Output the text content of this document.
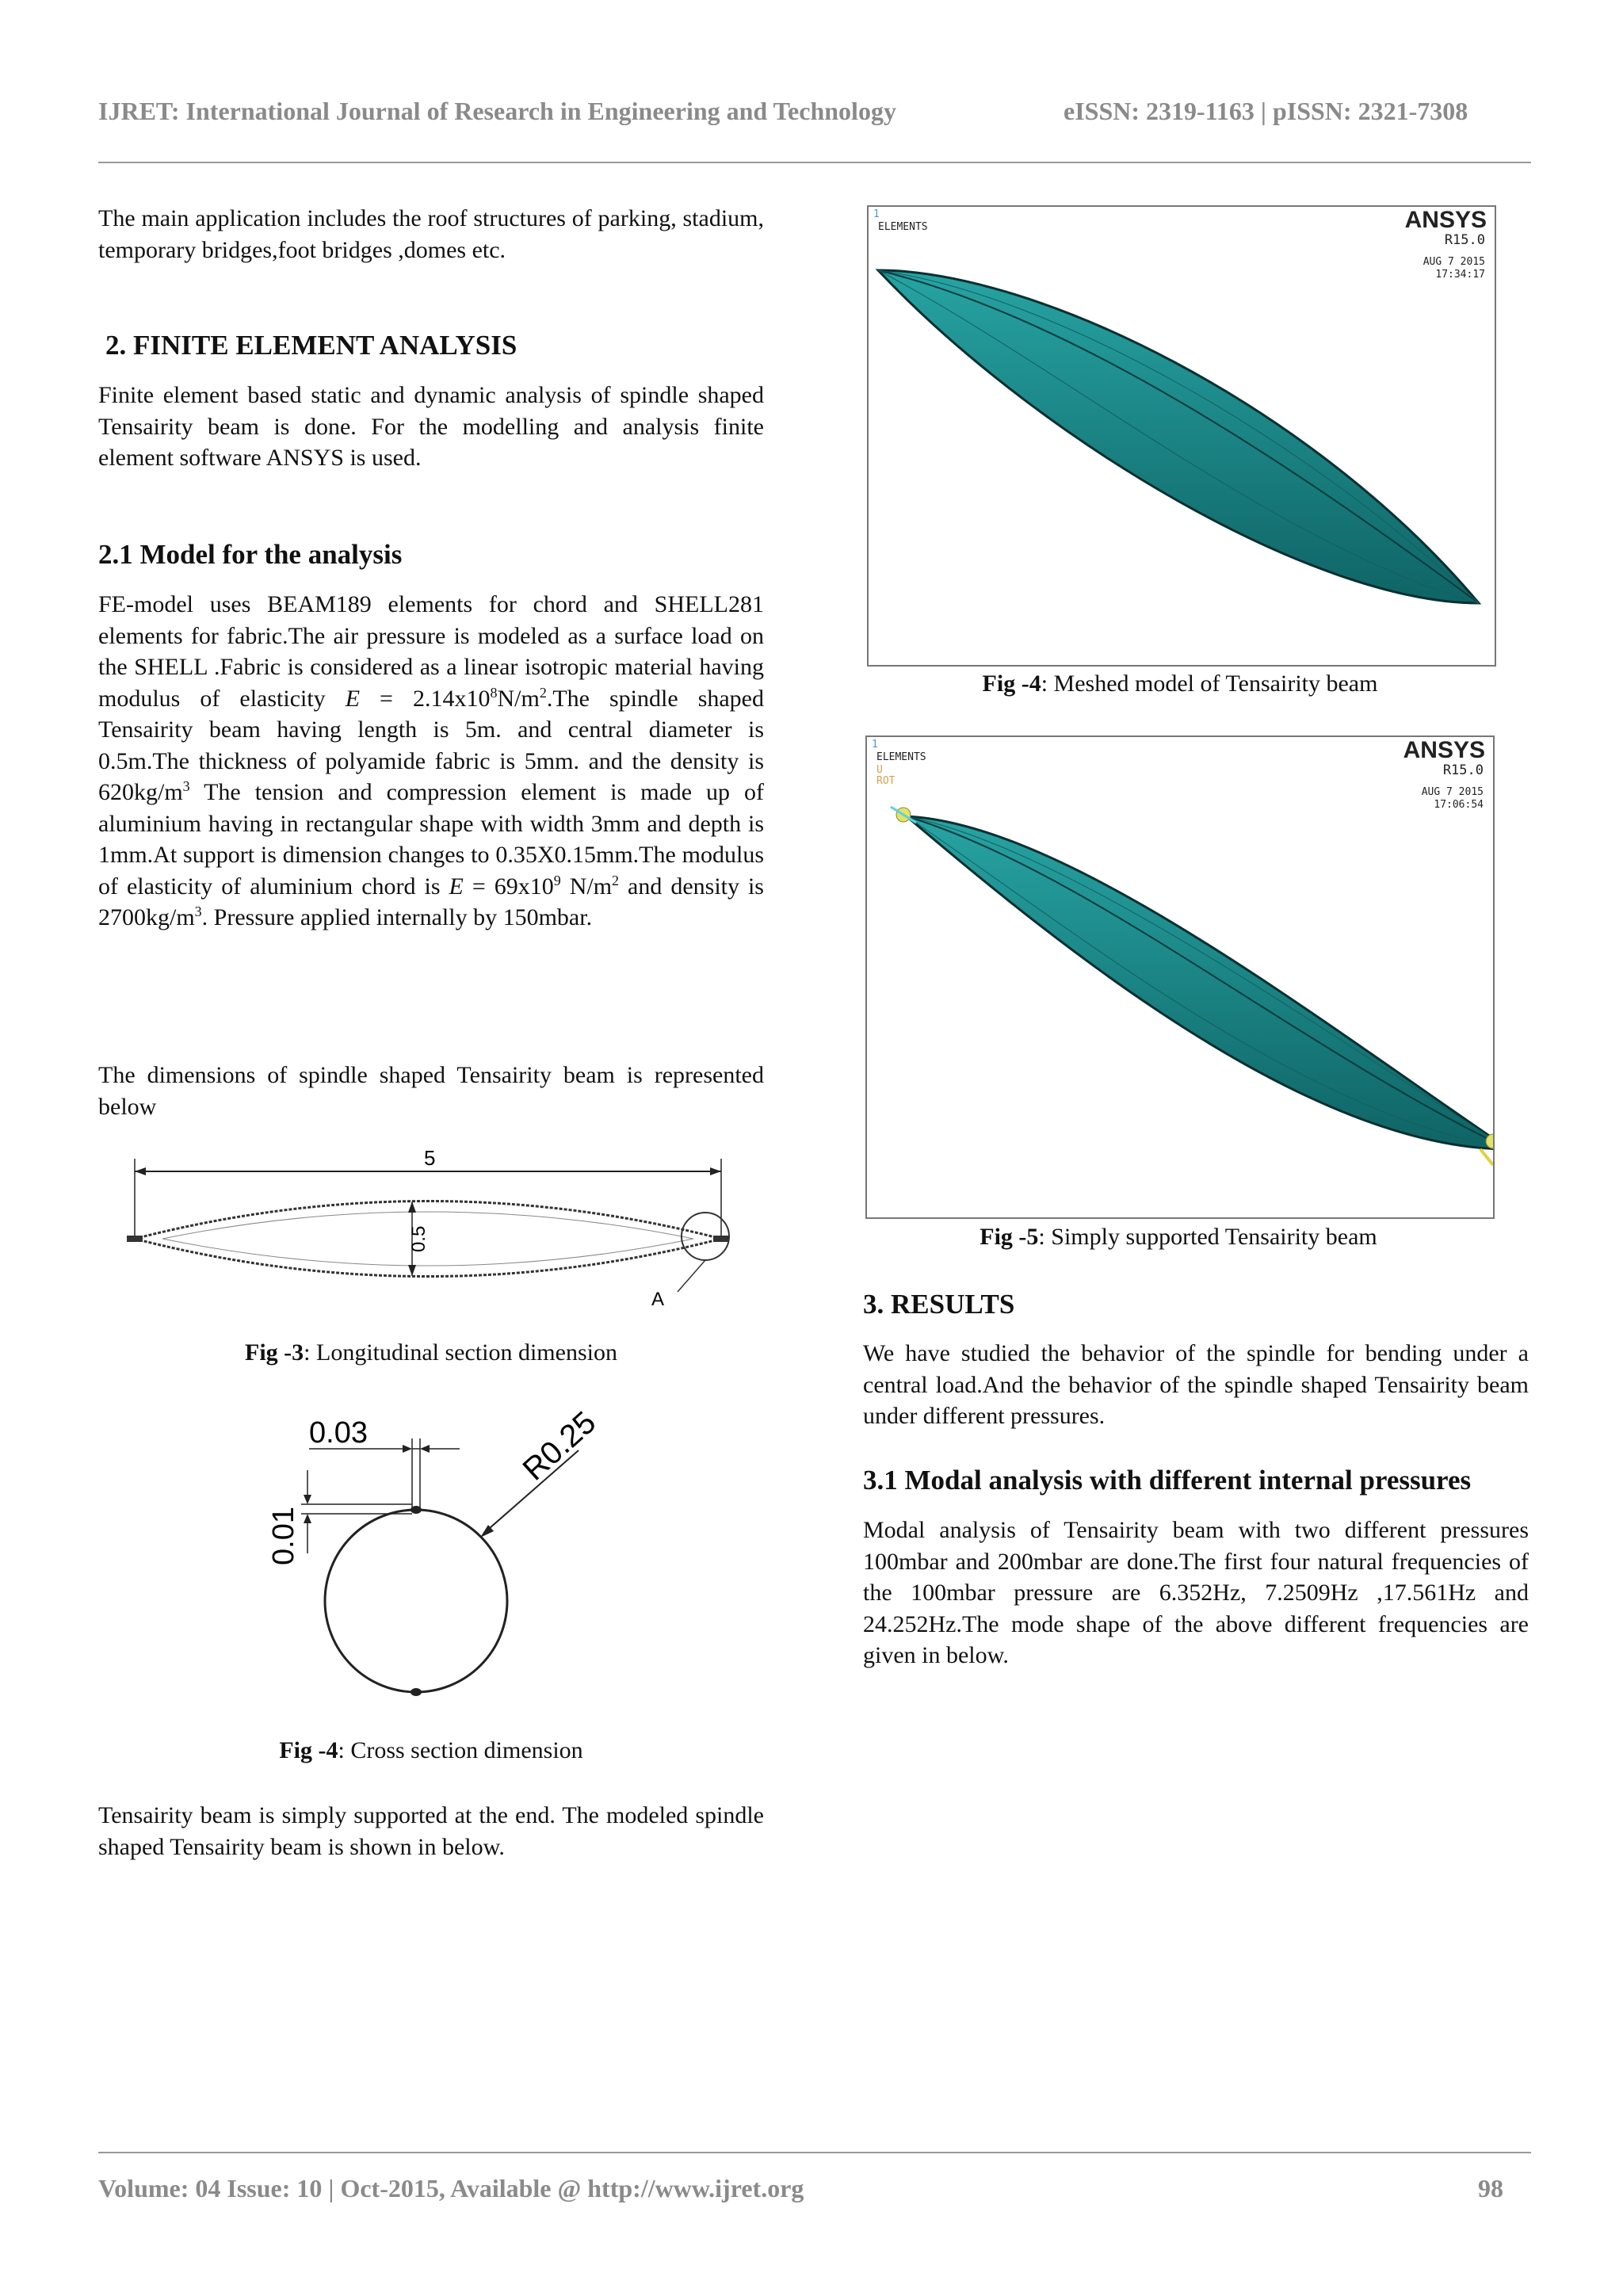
IJRET: International Journal of Research in Engineering and Technology	eISSN: 2319-1163 | pISSN: 2321-7308

The main application includes the roof structures of parking, stadium, temporary bridges,foot bridges ,domes etc.

2. FINITE ELEMENT ANALYSIS

Finite element based static and dynamic analysis of spindle shaped Tensairity beam is done. For the modelling and analysis finite element software ANSYS is used.

2.1 Model for the analysis

FE-model uses BEAM189 elements for chord and SHELL281 elements for fabric.The air pressure is modeled as a surface load on the SHELL .Fabric is considered as a linear isotropic material having modulus of elasticity $E = 2.14x10^8N/m^2.The$ spindle shaped Tensairity beam having length is 5m. and central diameter is 0.5m.The thickness of polyamide fabric is 5mm. and the density is $620kg/m^3$ The tension and compression element is made up of aluminium having in rectangular shape with width 3mm and depth is 1mm.At support is dimension changes to 0.35X0.15mm.The modulus of elasticity of aluminium chord is $E = 69x10^9$ $N/m^2$ and density is $2700kg/m^3$. Pressure applied internally by 150mbar.

The dimensions of spindle shaped Tensairity beam is represented below

5
0.5
A
Fig -3: Longitudinal section dimension
0.03
0.01
R0.25
Fig -4: Cross section dimension

Tensairity beam is simply supported at the end. The modeled spindle shaped Tensairity beam is shown in below.

1
ELEMENTS	ANSYS
R15.0
AUG 7 2015
17:34:17
Fig -4: Meshed model of Tensairity beam
1
ELEMENTS
U
ROT
ANSYS
R15.0
AUG 7 2015
17:06:54
Fig -5: Simply supported Tensairity beam
3. RESULTS

We have studied the behavior of the spindle for bending under a central load.And the behavior of the spindle shaped Tensairity beam under different pressures.

3.1 Modal analysis with different internal pressures

Modal analysis of Tensairity beam with two different pressures 100mbar and 200mbar are done.The first four natural frequencies of the 100mbar pressure are 6.352Hz, 7.2509Hz ,17.561Hz and 24.252Hz.The mode shape of the above different frequencies are given in below.

Volume: 04 Issue: 10 | Oct-2015, Available @ http://www.ijret.org	98
